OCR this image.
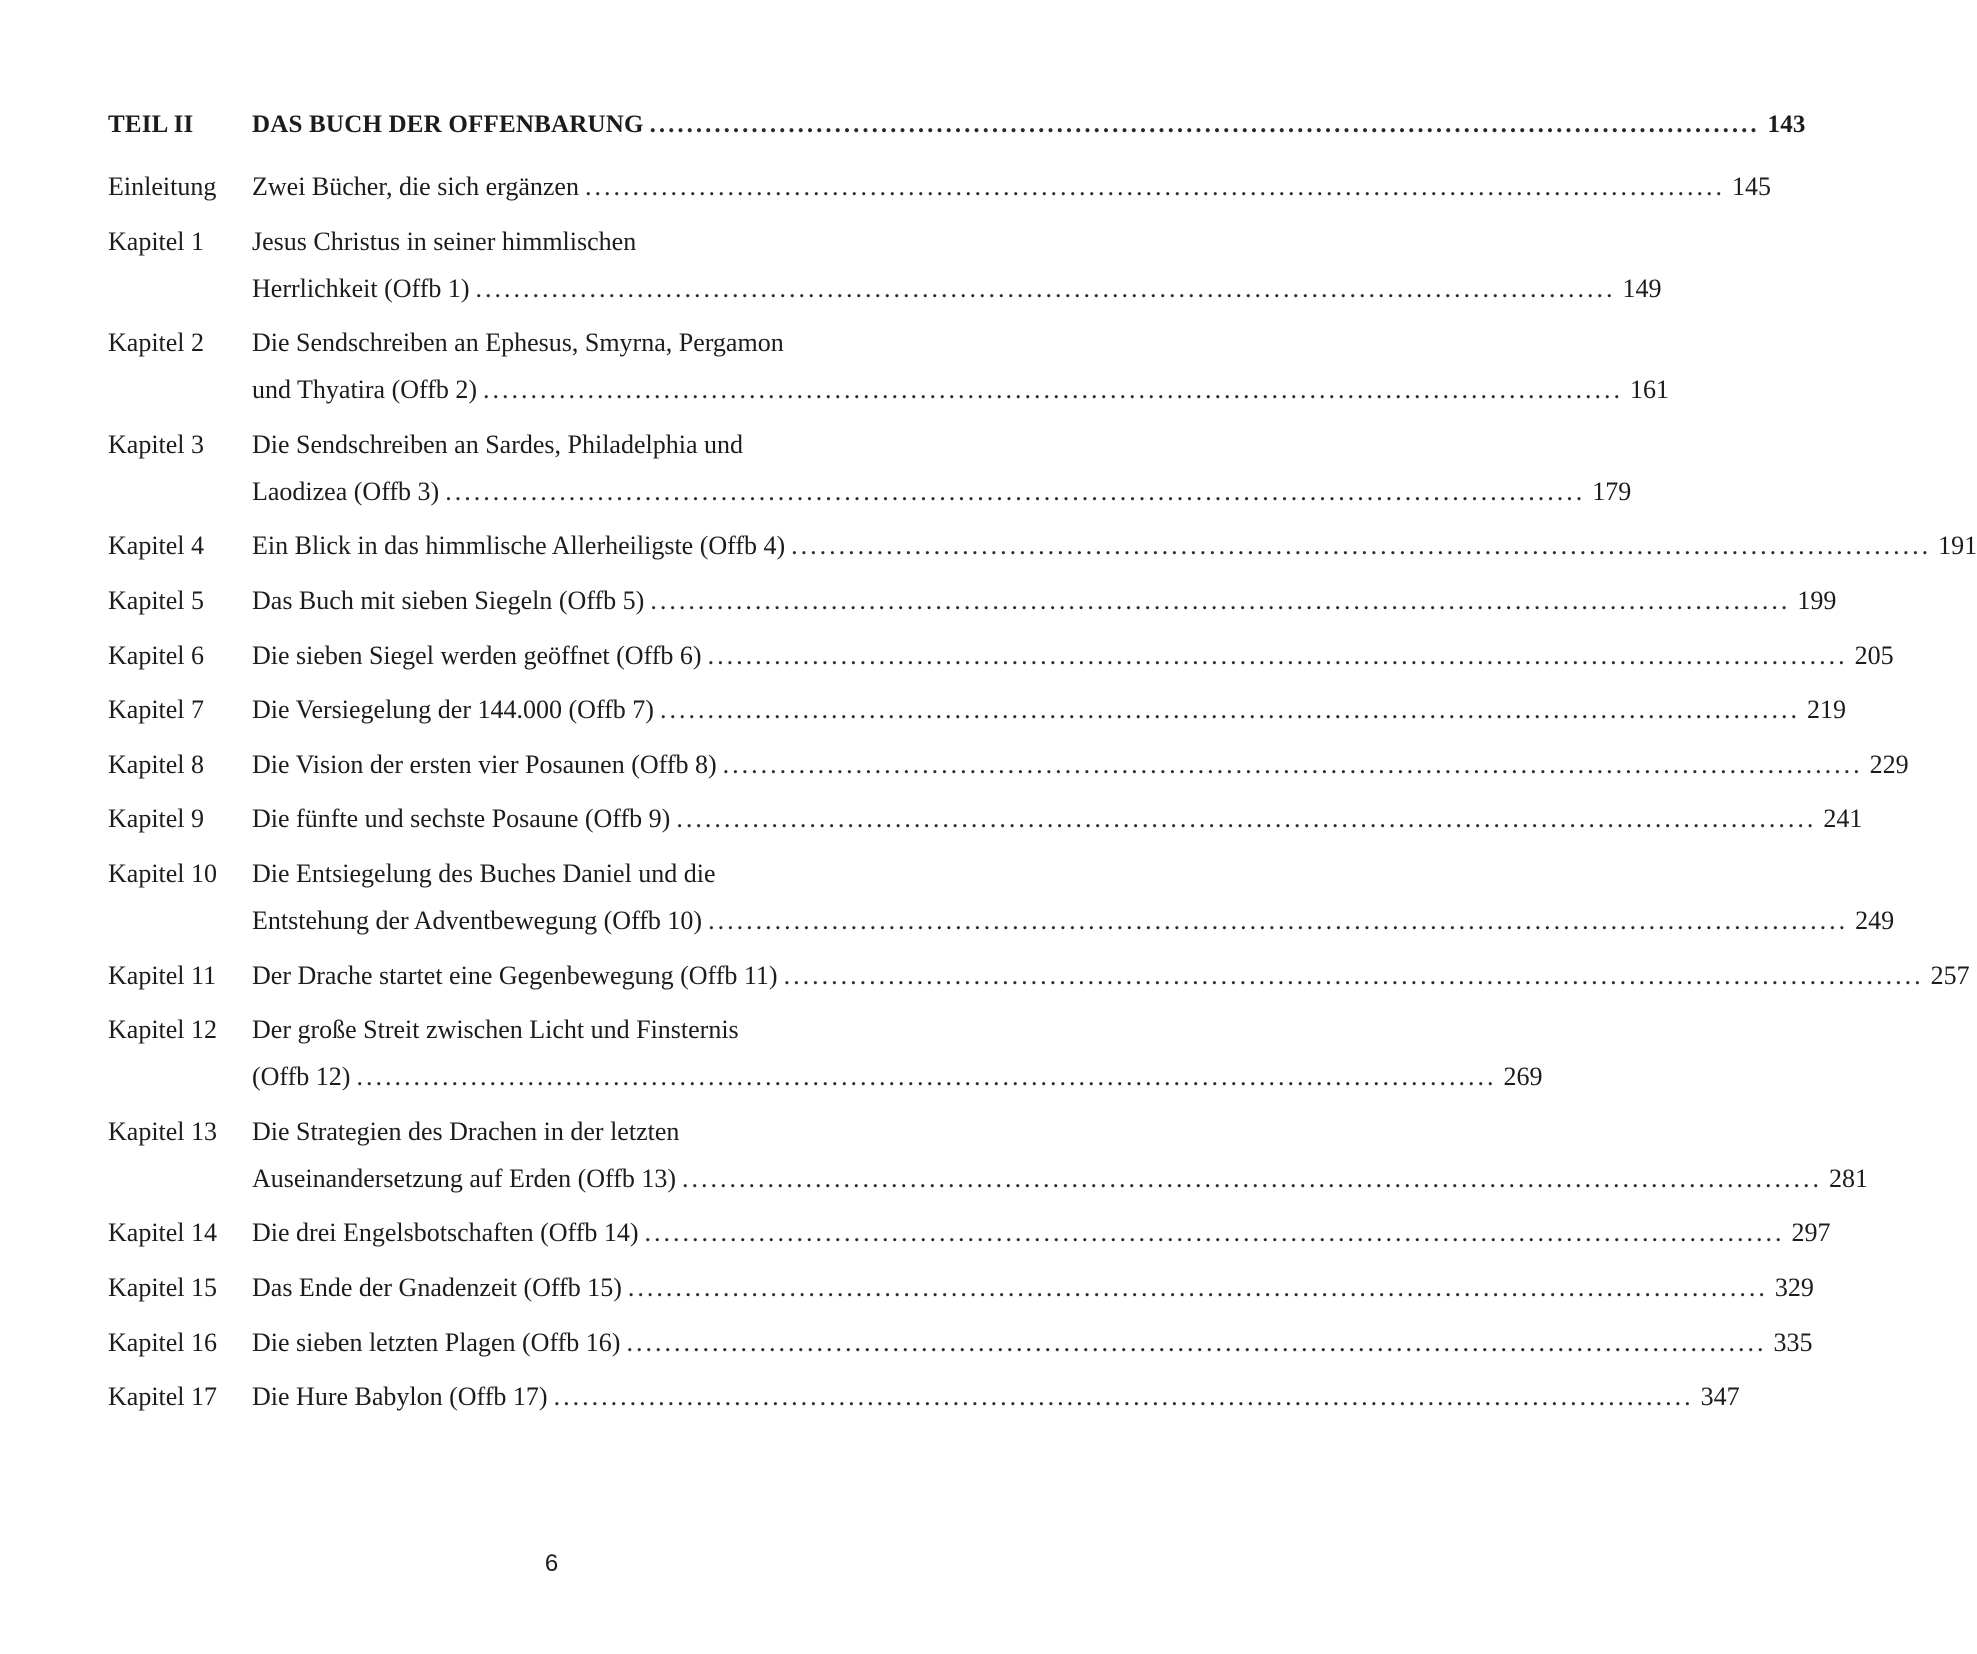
TEIL II DAS BUCH DER OFFENBARUNG ........................................................................................................................ 143
Einleitung Zwei Bücher, die sich ergänzen ........................................................................................................................ 145
Kapitel 1 Jesus Christus in seiner himmlischen
Herrlichkeit (Offb 1) ........................................................................................................................ 149
Kapitel 2 Die Sendschreiben an Ephesus, Smyrna, Pergamon
und Thyatira (Offb 2) ........................................................................................................................ 161
Kapitel 3 Die Sendschreiben an Sardes, Philadelphia und
Laodizea (Offb 3) ........................................................................................................................ 179
Kapitel 4 Ein Blick in das himmlische Allerheiligste (Offb 4) ........................................................................................................................ 191
Kapitel 5 Das Buch mit sieben Siegeln (Offb 5) ........................................................................................................................ 199
Kapitel 6 Die sieben Siegel werden geöffnet (Offb 6) ........................................................................................................................ 205
Kapitel 7 Die Versiegelung der 144.000 (Offb 7) ........................................................................................................................ 219
Kapitel 8 Die Vision der ersten vier Posaunen (Offb 8) ........................................................................................................................ 229
Kapitel 9 Die fünfte und sechste Posaune (Offb 9) ........................................................................................................................ 241
Kapitel 10 Die Entsiegelung des Buches Daniel und die
Entstehung der Adventbewegung (Offb 10) ........................................................................................................................ 249
Kapitel 11 Der Drache startet eine Gegenbewegung (Offb 11) ........................................................................................................................ 257
Kapitel 12 Der große Streit zwischen Licht und Finsternis
(Offb 12) ........................................................................................................................ 269
Kapitel 13 Die Strategien des Drachen in der letzten
Auseinandersetzung auf Erden (Offb 13) ........................................................................................................................ 281
Kapitel 14 Die drei Engelsbotschaften (Offb 14) ........................................................................................................................ 297
Kapitel 15 Das Ende der Gnadenzeit (Offb 15) ........................................................................................................................ 329
Kapitel 16 Die sieben letzten Plagen (Offb 16) ........................................................................................................................ 335
Kapitel 17 Die Hure Babylon (Offb 17) ........................................................................................................................ 347
6
